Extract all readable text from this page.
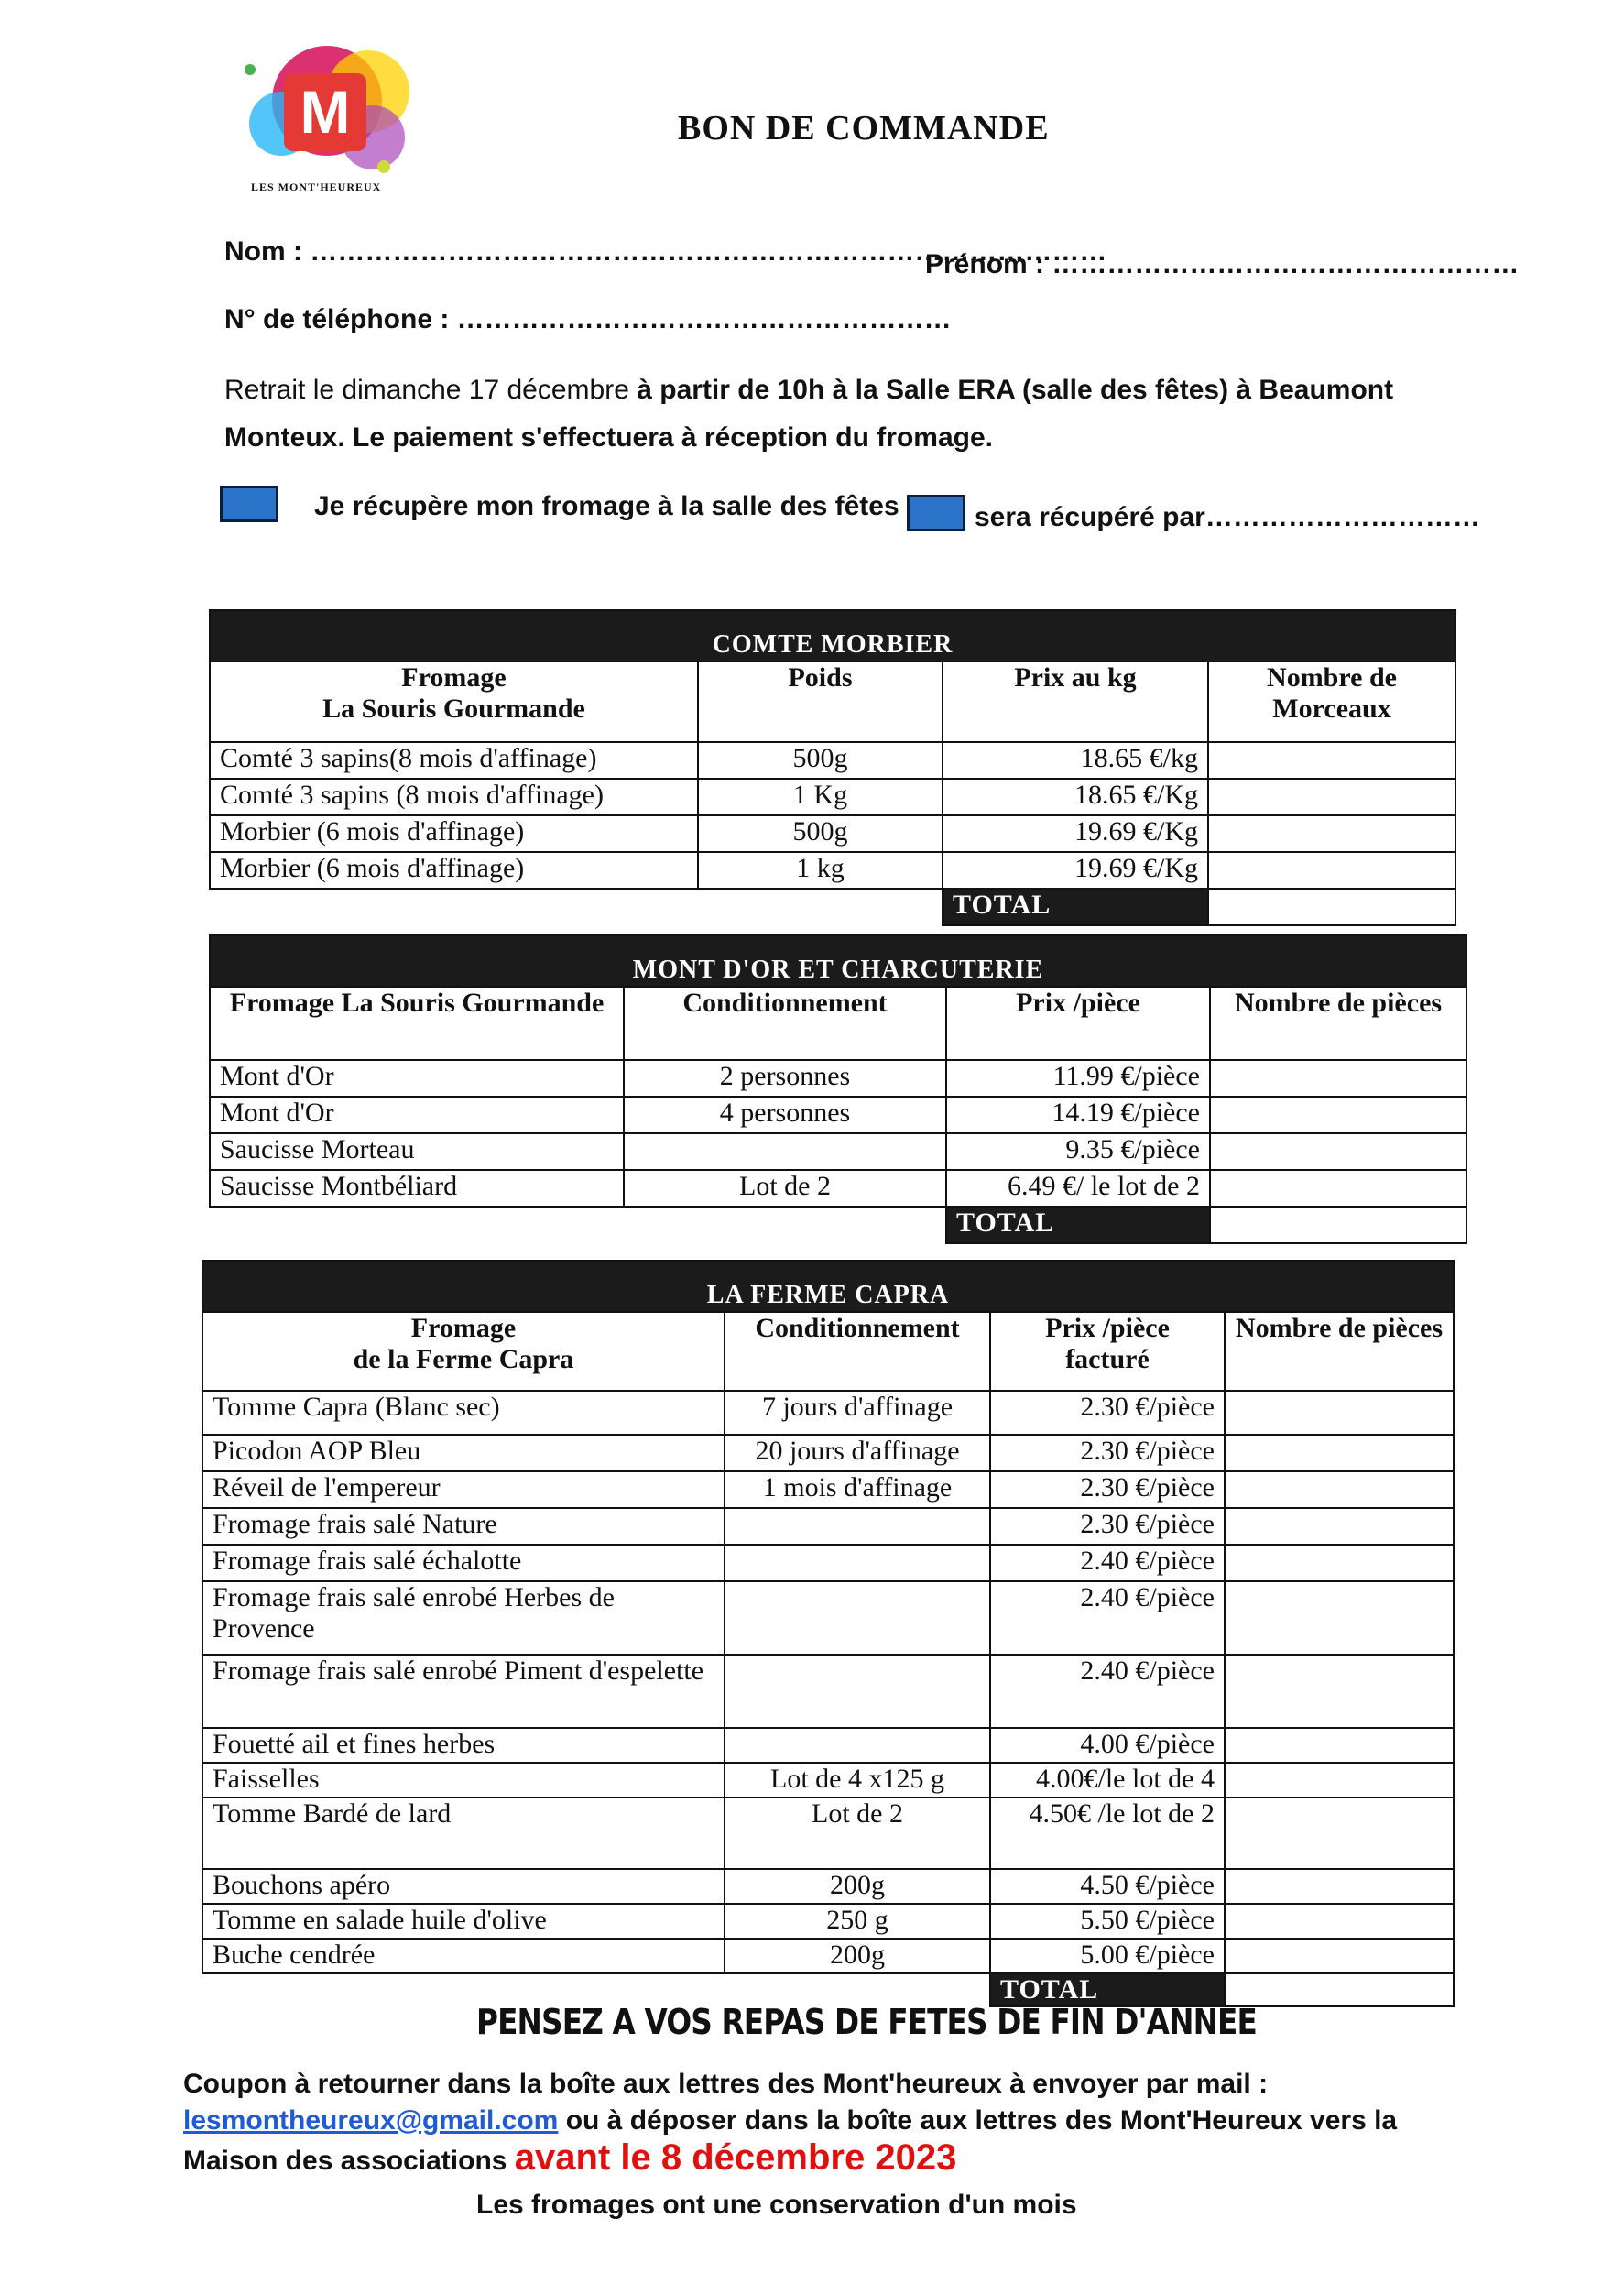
M
LES MONT'HEUREUX
BON DE COMMANDE
Nom : ……………………………………………………………………………
Prénom : ……………………………………………
N° de téléphone : ………………………………………………
Retrait le dimanche 17 décembre à partir de 10h à la Salle ERA (salle des fêtes) à Beaumont Monteux. Le paiement s'effectuera à réception du fromage.
Je récupère mon fromage à la salle des fêtes	sera récupéré par…………………………
COMTE MORBIER			
Fromage
La Souris Gourmande	Poids	Prix au kg	Nombre de Morceaux
Comté 3 sapins(8 mois d'affinage)	500g	18.65 €/kg	
Comté 3 sapins (8 mois d'affinage)	1 Kg	18.65 €/Kg	
Morbier (6 mois d'affinage)	500g	19.69 €/Kg	
Morbier (6 mois d'affinage)	1 kg	19.69 €/Kg	
		TOTAL	
MONT D'OR ET CHARCUTERIE			
Fromage La Souris Gourmande	Conditionnement	Prix /pièce	Nombre de pièces
Mont d'Or	2 personnes	11.99 €/pièce	
Mont d'Or	4 personnes	14.19 €/pièce	
Saucisse Morteau		9.35 €/pièce	
Saucisse Montbéliard	Lot de 2	6.49 €/ le lot de 2	
		TOTAL	
LA FERME CAPRA			
Fromage
de la Ferme Capra	Conditionnement	Prix /pièce facturé	Nombre de pièces
Tomme Capra (Blanc sec)	7 jours d'affinage	2.30 €/pièce	
Picodon AOP Bleu	20 jours d'affinage	2.30 €/pièce	
Réveil de l'empereur	1 mois d'affinage	2.30 €/pièce	
Fromage frais salé Nature		2.30 €/pièce	
Fromage frais salé échalotte		2.40 €/pièce	
Fromage frais salé enrobé Herbes de Provence		2.40 €/pièce	
Fromage frais salé enrobé Piment d'espelette		2.40 €/pièce	
Fouetté ail et fines herbes		4.00 €/pièce	
Faisselles	Lot de 4 x125 g	4.00€/le lot de 4	
Tomme Bardé de lard	Lot de 2	4.50€ /le lot de 2	
Bouchons apéro	200g	4.50 €/pièce	
Tomme en salade huile d'olive	250 g	5.50 €/pièce	
Buche cendrée	200g	5.00 €/pièce	
		TOTAL	
PENSEZ A VOS REPAS DE FETES DE FIN D'ANNEE
Coupon à retourner dans la boîte aux lettres des Mont'heureux à envoyer par mail :
lesmontheureux@gmail.com ou à déposer dans la boîte aux lettres des Mont'Heureux vers la Maison des associations avant le 8 décembre 2023
Les fromages ont une conservation d'un mois
